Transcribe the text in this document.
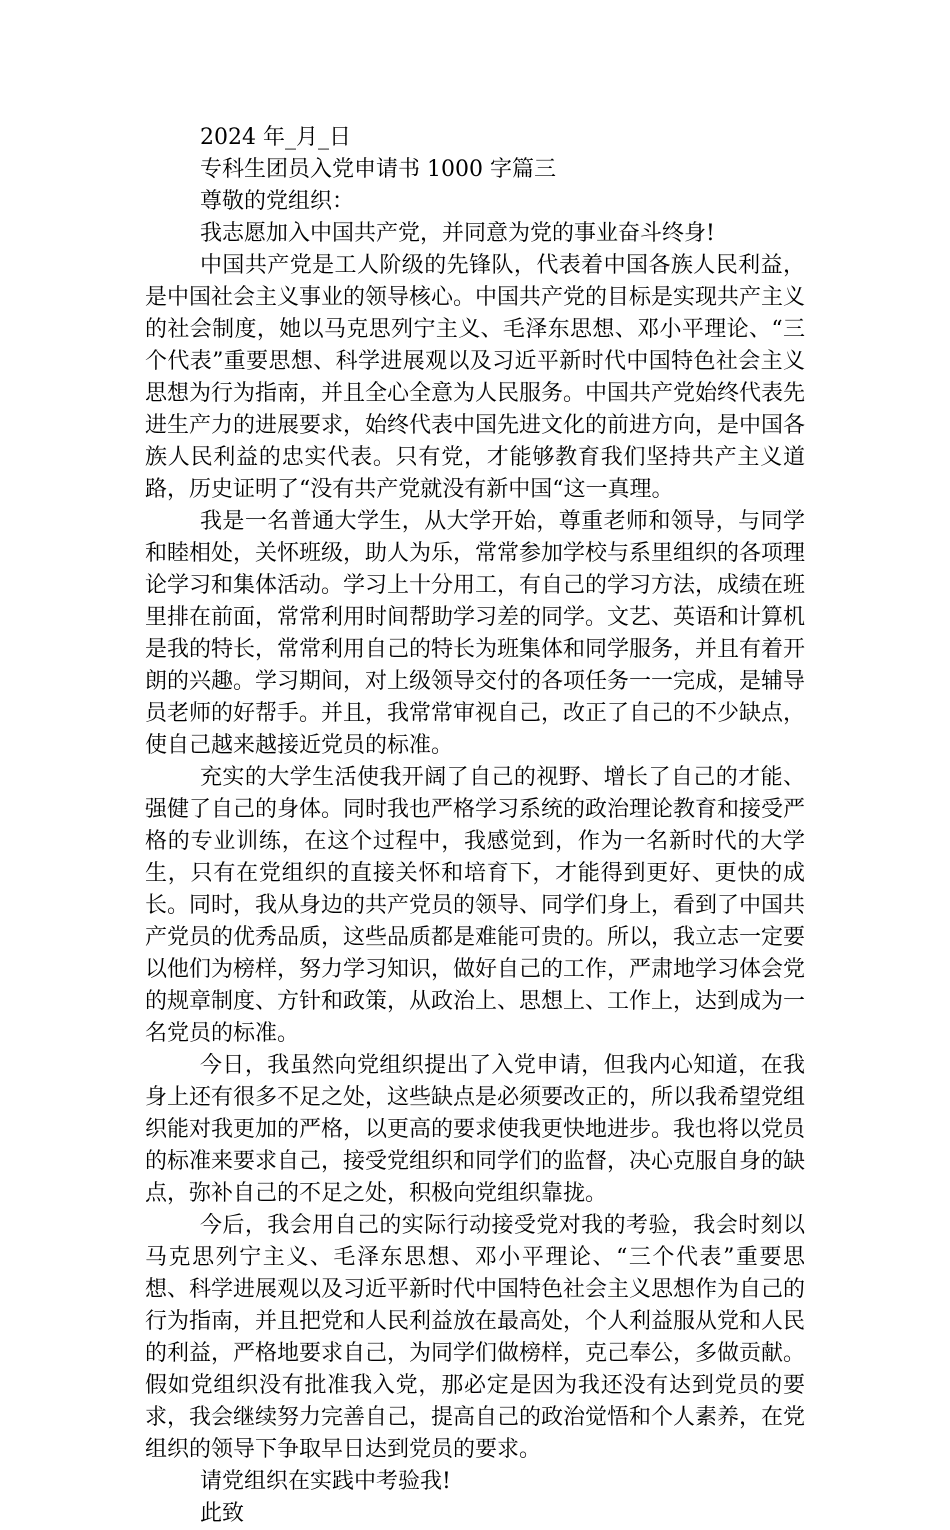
2024 年_月_日

专科生团员入党申请书 1000 字篇三

尊敬的党组织：

我志愿加入中国共产党，并同意为党的事业奋斗终身!

中国共产党是工人阶级的先锋队，代表着中国各族人民利益，是中国社会主义事业的领导核心。中国共产党的目标是实现共产主义的社会制度，她以马克思列宁主义、毛泽东思想、邓小平理论、“三个代表”重要思想、科学进展观以及习近平新时代中国特色社会主义思想为行为指南，并且全心全意为人民服务。中国共产党始终代表先进生产力的进展要求，始终代表中国先进文化的前进方向，是中国各族人民利益的忠实代表。只有党，才能够教育我们坚持共产主义道路，历史证明了“没有共产党就没有新中国“这一真理。

我是一名普通大学生，从大学开始，尊重老师和领导，与同学和睦相处，关怀班级，助人为乐，常常参加学校与系里组织的各项理论学习和集体活动。学习上十分用工，有自己的学习方法，成绩在班里排在前面，常常利用时间帮助学习差的同学。文艺、英语和计算机是我的特长，常常利用自己的特长为班集体和同学服务，并且有着开朗的兴趣。学习期间，对上级领导交付的各项任务一一完成，是辅导员老师的好帮手。并且，我常常审视自己，改正了自己的不少缺点，使自己越来越接近党员的标准。

充实的大学生活使我开阔了自己的视野、增长了自己的才能、强健了自己的身体。同时我也严格学习系统的政治理论教育和接受严格的专业训练，在这个过程中，我感觉到，作为一名新时代的大学生，只有在党组织的直接关怀和培育下，才能得到更好、更快的成长。同时，我从身边的共产党员的领导、同学们身上，看到了中国共产党员的优秀品质，这些品质都是难能可贵的。所以，我立志一定要以他们为榜样，努力学习知识，做好自己的工作，严肃地学习体会党的规章制度、方针和政策，从政治上、思想上、工作上，达到成为一名党员的标准。

今日，我虽然向党组织提出了入党申请，但我内心知道，在我身上还有很多不足之处，这些缺点是必须要改正的，所以我希望党组织能对我更加的严格，以更高的要求使我更快地进步。我也将以党员的标准来要求自己，接受党组织和同学们的监督，决心克服自身的缺点，弥补自己的不足之处，积极向党组织靠拢。

今后，我会用自己的实际行动接受党对我的考验，我会时刻以马克思列宁主义、毛泽东思想、邓小平理论、“三个代表”重要思想、科学进展观以及习近平新时代中国特色社会主义思想作为自己的行为指南，并且把党和人民利益放在最高处，个人利益服从党和人民的利益，严格地要求自己，为同学们做榜样，克己奉公，多做贡献。假如党组织没有批准我入党，那必定是因为我还没有达到党员的要求，我会继续努力完善自己，提高自己的政治觉悟和个人素养，在党组织的领导下争取早日达到党员的要求。

请党组织在实践中考验我!

此致
